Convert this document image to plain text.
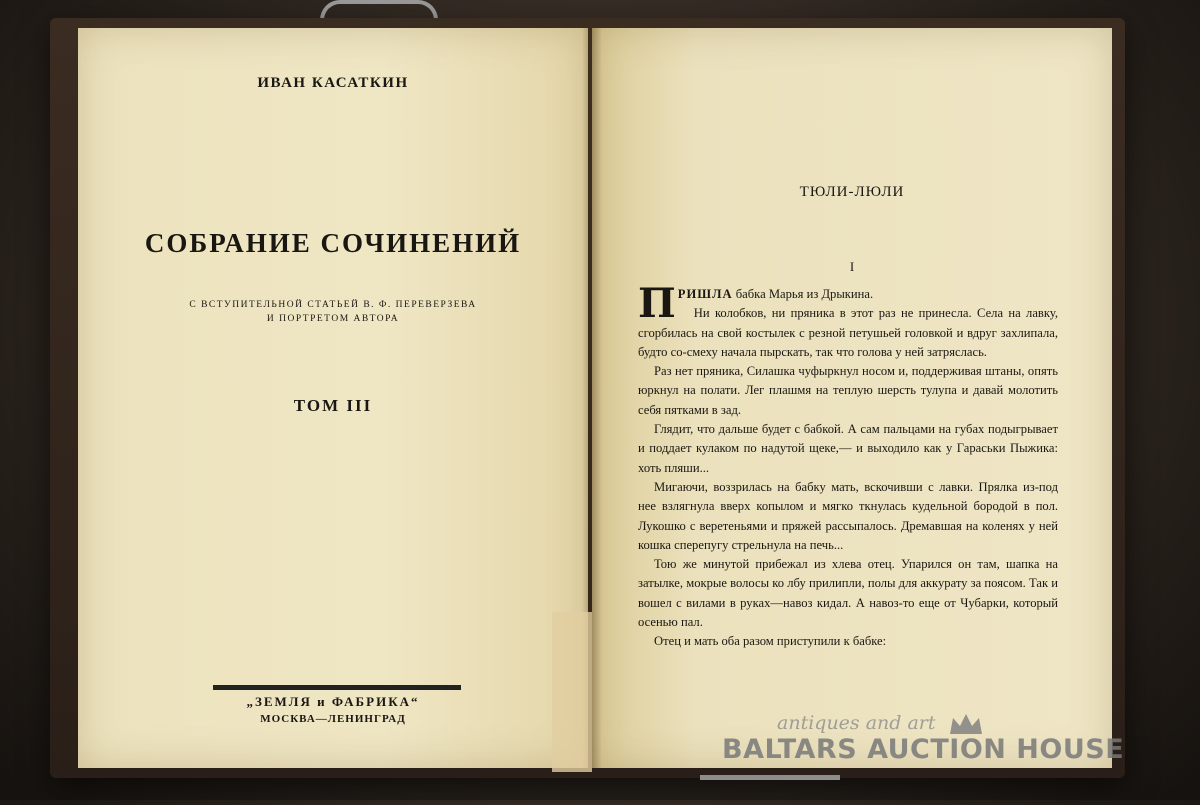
ИВАН КАСАТКИН
СОБРАНИЕ СОЧИНЕНИЙ
С ВСТУПИТЕЛЬНОЙ СТАТЬЕЙ В. Ф. ПЕРЕВЕРЗЕВА
И ПОРТРЕТОМ АВТОРА
ТОМ III
„ЗЕМЛЯ и ФАБРИКА“
МОСКВА—ЛЕНИНГРАД
ТЮЛИ-ЛЮЛИ
I

ПРИШЛА бабка Марья из Дрыкина.

Ни колобков, ни пряника в этот раз не принесла. Села на лавку, сгорбилась на свой костылек с резной петушьей головкой и вдруг захлипала, будто со-смеху начала пырскать, так что голова у ней затряслась.

Раз нет пряника, Силашка чуфыркнул носом и, поддерживая штаны, опять юркнул на полати. Лег плашмя на теплую шерсть тулупа и давай молотить себя пятками в зад.

Глядит, что дальше будет с бабкой. А сам пальцами на губах подыгрывает и поддает кулаком по надутой щеке,— и выходило как у Гараськи Пыжика: хоть пляши...

Мигаючи, воззрилась на бабку мать, вскочивши с лавки. Прялка из-под нее взлягнула вверх копылом и мягко ткнулась кудельной бородой в пол. Лукошко с веретеньями и пряжей рассыпалось. Дремавшая на коленях у ней кошка сперепугу стрельнула на печь...

Тою же минутой прибежал из хлева отец. Упарился он там, шапка на затылке, мокрые волосы ко лбу прилипли, полы для аккурату за поясом. Так и вошел с вилами в руках—навоз кидал. А навоз-то еще от Чубарки, который осенью пал.

Отец и мать оба разом приступили к бабке:

antiques and art
BALTARS AUCTION HOUSE
